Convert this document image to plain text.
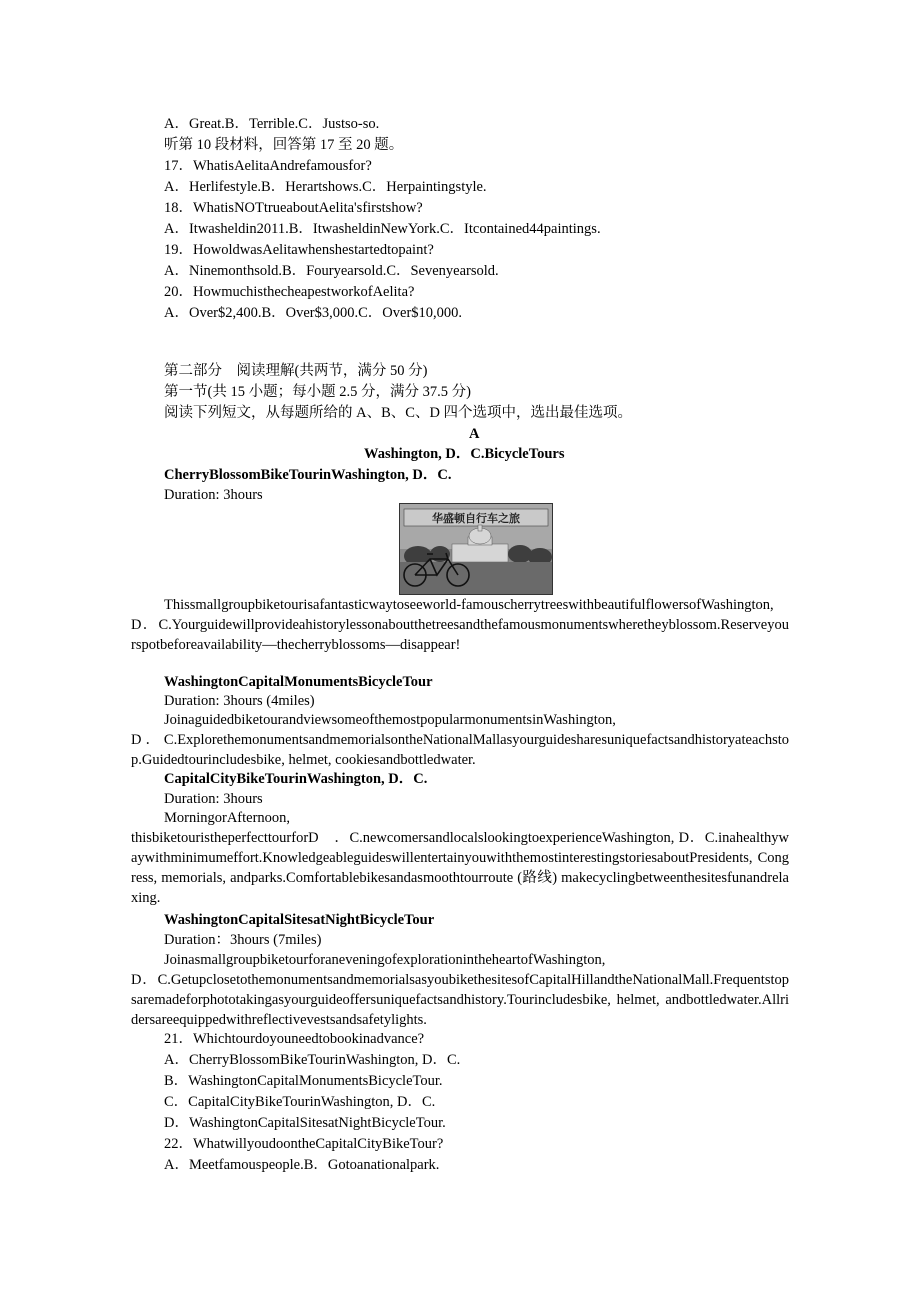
A．Great.B．Terrible.C．Justso-so.
听第 10 段材料，回答第 17 至 20 题。
17．WhatisAelitaAndrefamousfor?
A．Herlifestyle.B．Herartshows.C．Herpaintingstyle.
18．WhatisNOTtrueaboutAelita'sfirstshow?
A．Itwasheldin2011.B．ItwasheldinNewYork.C．Itcontained44paintings.
19．HowoldwasAelitawhenshestartedtopaint?
A．Ninemonthsold.B．Fouryearsold.C．Sevenyearsold.
20．HowmuchisthecheapestworkofAelita?
A．Over$2,400.B．Over$3,000.C．Over$10,000.
第二部分　阅读理解(共两节，满分 50 分)
第一节(共 15 小题；每小题 2.5 分，满分 37.5 分)
阅读下列短文，从每题所给的 A、B、C、D 四个选项中，选出最佳选项。
A
Washington, D．C.BicycleTours
CherryBlossomBikeTourinWashington, D．C.
Duration: 3hours
华盛顿自行车之旅
Thissmallgroupbiketourisafantasticwaytoseeworld-famouscherrytreeswithbeautifulflowersofWashington, D．C.Yourguidewillprovideahistorylessonaboutthetreesandthefamousmonumentswheretheyblossom.Reserveyourspotbeforeavailability—thecherryblossoms—disappear!
WashingtonCapitalMonumentsBicycleTour
Duration: 3hours (4miles)
JoinaguidedbiketourandviewsomeofthemostpopularmonumentsinWashington,
D．C.ExplorethemonumentsandmemorialsontheNationalMallasyourguidesharesuniquefactsandhistoryateachstop.Guidedtourincludesbike, helmet, cookiesandbottledwater.
CapitalCityBikeTourinWashington, D．C.
Duration: 3hours
MorningorAfternoon,
thisbiketouristheperfecttourforD　．C.newcomersandlocalslookingtoexperienceWashington, D．C.inahealthywaywithminimumeffort.KnowledgeableguideswillentertainyouwiththemostinterestingstoriesaboutPresidents, Congress, memorials, andparks.Comfortablebikesandasmoothtourroute (路线) makecyclingbetweenthesitesfunandrelaxing.
WashingtonCapitalSitesatNightBicycleTour
Duration：3hours (7miles)
JoinasmallgroupbiketourforaneveningofexplorationintheheartofWashington,
D．C.GetupclosetothemonumentsandmemorialsasyoubikethesitesofCapitalHillandtheNationalMall.Frequentstopsaremadeforphototakingasyourguideoffersuniquefactsandhistory.Tourincludesbike, helmet, andbottledwater.Allridersareequippedwithreflectivevestsandsafetylights.
21．Whichtourdoyouneedtobookinadvance?
A．CherryBlossomBikeTourinWashington, D．C.
B．WashingtonCapitalMonumentsBicycleTour.
C．CapitalCityBikeTourinWashington, D．C.
D．WashingtonCapitalSitesatNightBicycleTour.
22．WhatwillyoudoontheCapitalCityBikeTour?
A．Meetfamouspeople.B．Gotoanationalpark.
